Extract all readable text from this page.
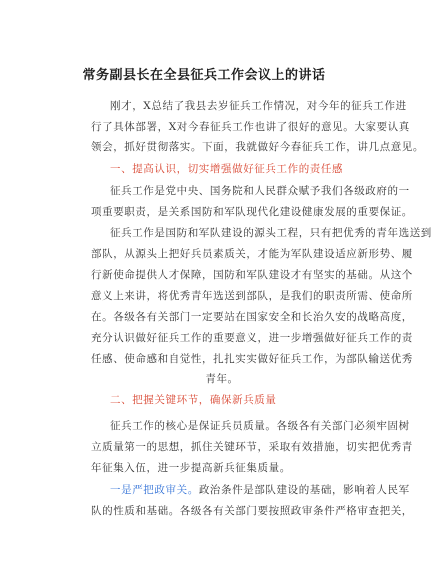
常务副县长在全县征兵工作会议上的讲话
刚才，X总结了我县去岁征兵工作情况，对今年的征兵工作进
行了具体部署，X对今春征兵工作也讲了很好的意见。大家要认真
领会，抓好贯彻落实。下面，我就做好今春征兵工作，讲几点意见。
一、提高认识，切实增强做好征兵工作的责任感
征兵工作是党中央、国务院和人民群众赋予我们各级政府的一
项重要职责，是关系国防和军队现代化建设健康发展的重要保证。
征兵工作是国防和军队建设的源头工程，只有把优秀的青年选送到
部队，从源头上把好兵员素质关，才能为军队建设适应新形势、履
行新使命提供人才保障，国防和军队建设才有坚实的基础。从这个
意义上来讲，将优秀青年选送到部队，是我们的职责所需、使命所
在。各级各有关部门一定要站在国家安全和长治久安的战略高度，
充分认识做好征兵工作的重要意义，进一步增强做好征兵工作的责
任感、使命感和自觉性，扎扎实实做好征兵工作，为部队输送优秀
青年。
二、把握关键环节，确保新兵质量
征兵工作的核心是保证兵员质量。各级各有关部门必须牢固树
立质量第一的思想，抓住关键环节，采取有效措施，切实把优秀青
年征集入伍，进一步提高新兵征集质量。
一是严把政审关。政治条件是部队建设的基础，影响着人民军
队的性质和基础。各级各有关部门要按照政审条件严格审查把关，
